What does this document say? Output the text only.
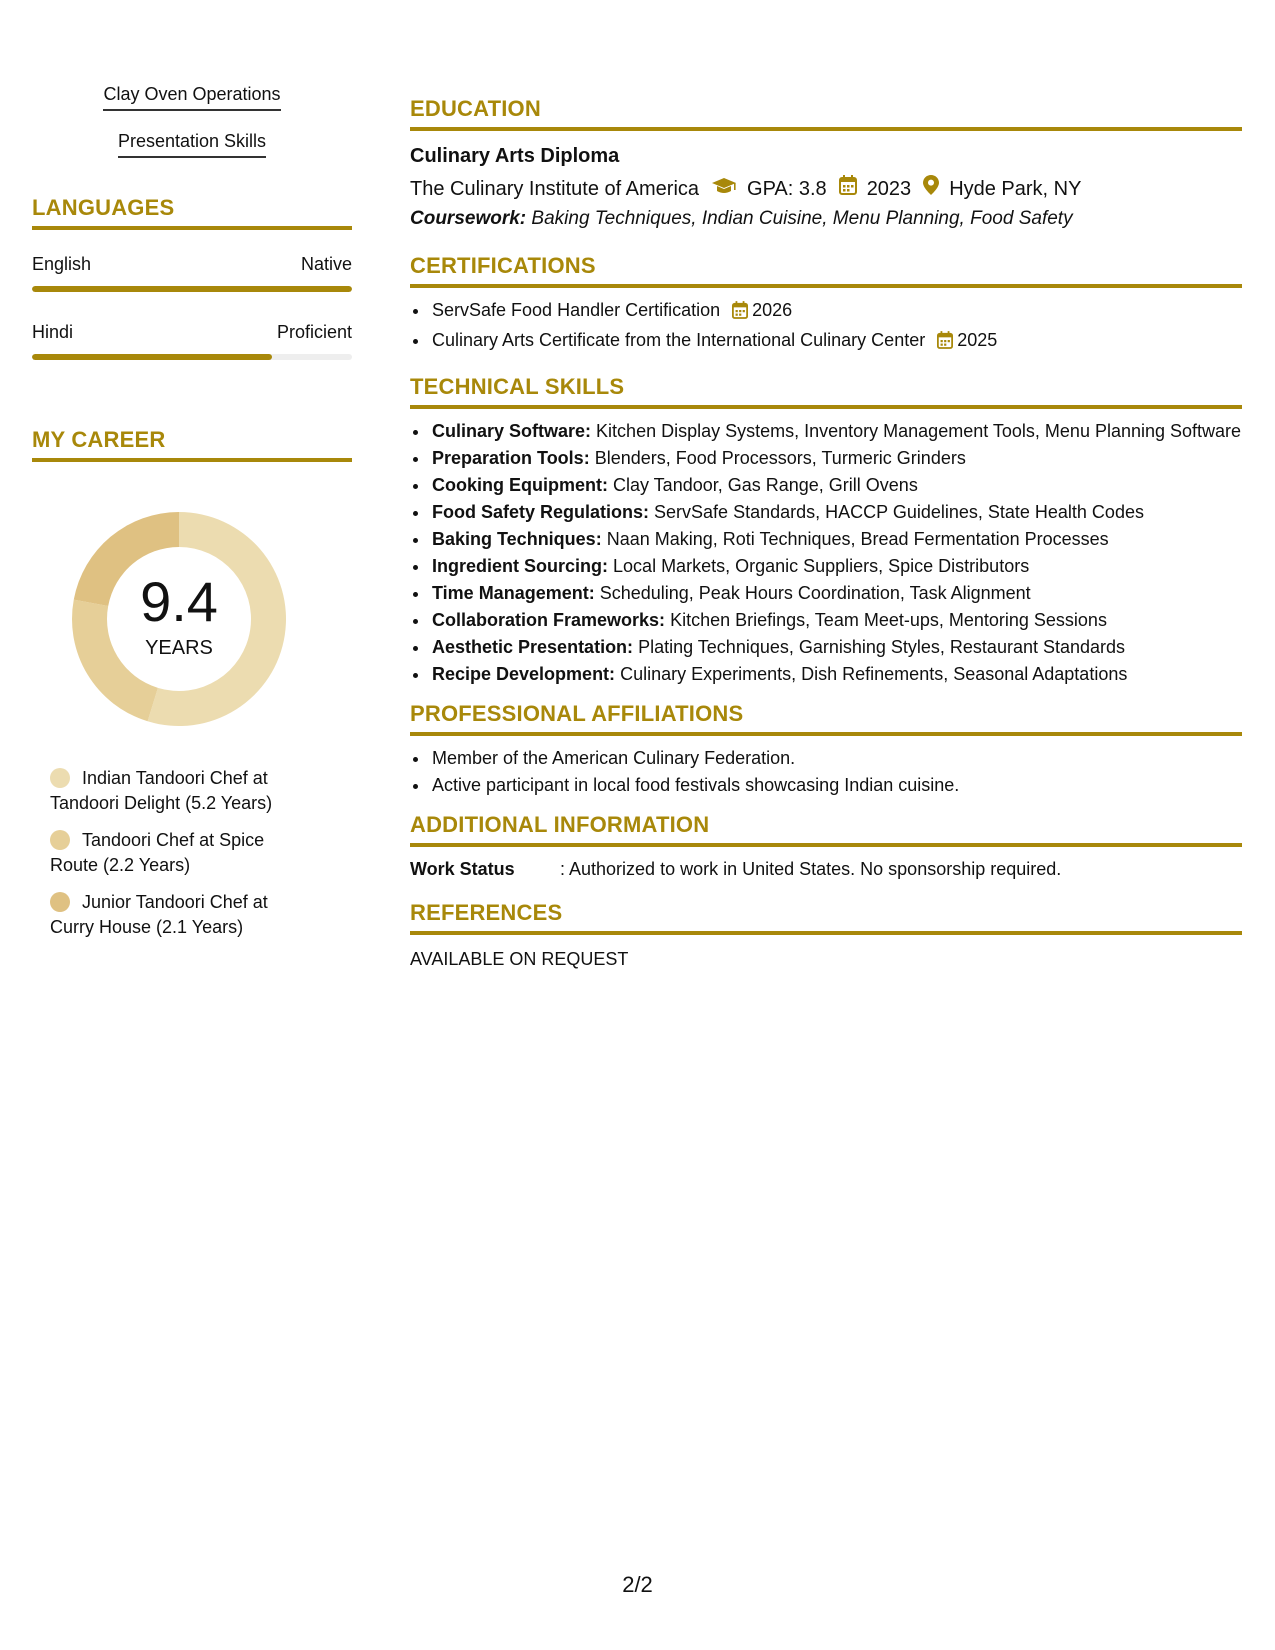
Clay Oven Operations
Presentation Skills
LANGUAGES
English	Native
Hindi	Proficient
MY CAREER
9.4
YEARS
Indian Tandoori Chef at Tandoori Delight (5.2 Years)
Tandoori Chef at Spice Route (2.2 Years)
Junior Tandoori Chef at Curry House (2.1 Years)
EDUCATION
Culinary Arts Diploma
The Culinary Institute of America GPA: 3.8 2023 Hyde Park, NY
Coursework: Baking Techniques, Indian Cuisine, Menu Planning, Food Safety
CERTIFICATIONS
• ServSafe Food Handler Certification 2026
• Culinary Arts Certificate from the International Culinary Center 2025
TECHNICAL SKILLS
• Culinary Software: Kitchen Display Systems, Inventory Management Tools, Menu Planning Software
• Preparation Tools: Blenders, Food Processors, Turmeric Grinders
• Cooking Equipment: Clay Tandoor, Gas Range, Grill Ovens
• Food Safety Regulations: ServSafe Standards, HACCP Guidelines, State Health Codes
• Baking Techniques: Naan Making, Roti Techniques, Bread Fermentation Processes
• Ingredient Sourcing: Local Markets, Organic Suppliers, Spice Distributors
• Time Management: Scheduling, Peak Hours Coordination, Task Alignment
• Collaboration Frameworks: Kitchen Briefings, Team Meet-ups, Mentoring Sessions
• Aesthetic Presentation: Plating Techniques, Garnishing Styles, Restaurant Standards
• Recipe Development: Culinary Experiments, Dish Refinements, Seasonal Adaptations
PROFESSIONAL AFFILIATIONS
• Member of the American Culinary Federation.
• Active participant in local food festivals showcasing Indian cuisine.
ADDITIONAL INFORMATION
Work Status	: Authorized to work in United States. No sponsorship required.
REFERENCES
AVAILABLE ON REQUEST
2/2
